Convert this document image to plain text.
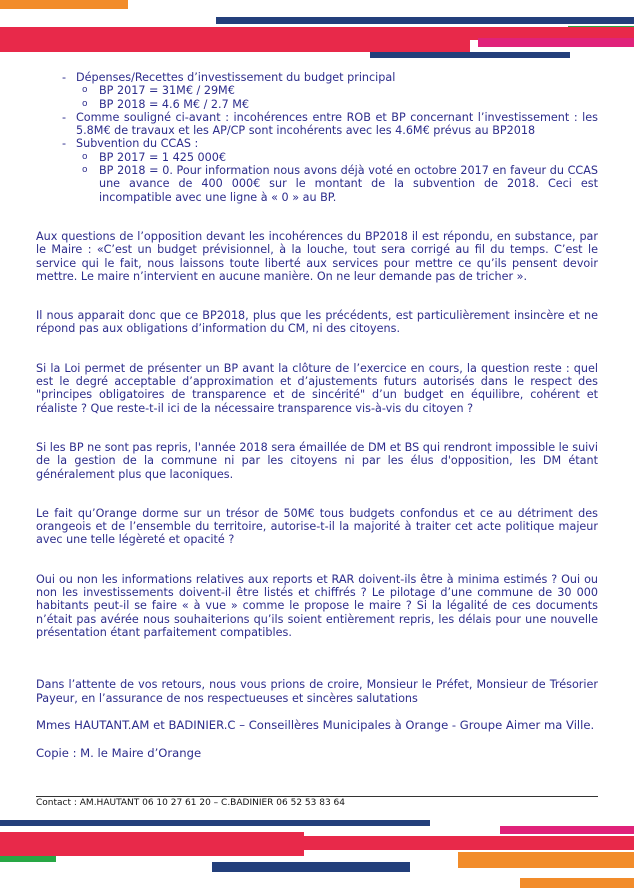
- Dépenses/Recettes d’investissement du budget principal
o BP 2017 = 31M€ / 29M€
o BP 2018 = 4.6 M€ / 2.7 M€
- Comme souligné ci-avant : incohérences entre ROB et BP concernant l’investissement : les 5.8M€ de travaux et les AP/CP sont incohérents avec les 4.6M€ prévus au BP2018
- Subvention du CCAS :
o BP 2017 = 1 425 000€
o BP 2018 = 0. Pour information nous avons déjà voté en octobre 2017 en faveur du CCAS une avance de 400 000€ sur le montant de la subvention de 2018. Ceci est incompatible avec une ligne à « 0 » au BP.

Aux questions de l’opposition devant les incohérences du BP2018 il est répondu, en substance, par le Maire : «C’est un budget prévisionnel, à la louche, tout sera corrigé au fil du temps. C’est le service qui le fait, nous laissons toute liberté aux services pour mettre ce qu’ils pensent devoir mettre. Le maire n’intervient en aucune manière. On ne leur demande pas de tricher ».

Il nous apparait donc que ce BP2018, plus que les précédents, est particulièrement insincère et ne répond pas aux obligations d’information du CM, ni des citoyens.

Si la Loi permet de présenter un BP avant la clôture de l’exercice en cours, la question reste : quel est le degré acceptable d’approximation et d’ajustements futurs autorisés dans le respect des "principes obligatoires de transparence et de sincérité" d’un budget en équilibre, cohérent et réaliste ? Que reste-t-il ici de la nécessaire transparence vis-à-vis du citoyen ?

Si les BP ne sont pas repris, l'année 2018 sera émaillée de DM et BS qui rendront impossible le suivi de la gestion de la commune ni par les citoyens ni par les élus d'opposition, les DM étant généralement plus que laconiques.

Le fait qu’Orange dorme sur un trésor de 50M€ tous budgets confondus et ce au détriment des orangeois et de l’ensemble du territoire, autorise-t-il la majorité à traiter cet acte politique majeur avec une telle légèreté et opacité ?

Oui ou non les informations relatives aux reports et RAR doivent-ils être à minima estimés ? Oui ou non les investissements doivent-il être listés et chiffrés ? Le pilotage d’une commune de 30 000 habitants peut-il se faire « à vue » comme le propose le maire ? Si la légalité de ces documents n’était pas avérée nous souhaiterions qu’ils soient entièrement repris, les délais pour une nouvelle présentation étant parfaitement compatibles.

Dans l’attente de vos retours, nous vous prions de croire, Monsieur le Préfet, Monsieur de Trésorier Payeur, en l’assurance de nos respectueuses et sincères salutations

Mmes HAUTANT.AM et BADINIER.C – Conseillères Municipales à Orange - Groupe Aimer ma Ville.

Copie : M. le Maire d’Orange

Contact : AM.HAUTANT 06 10 27 61 20 – C.BADINIER 06 52 53 83 64
